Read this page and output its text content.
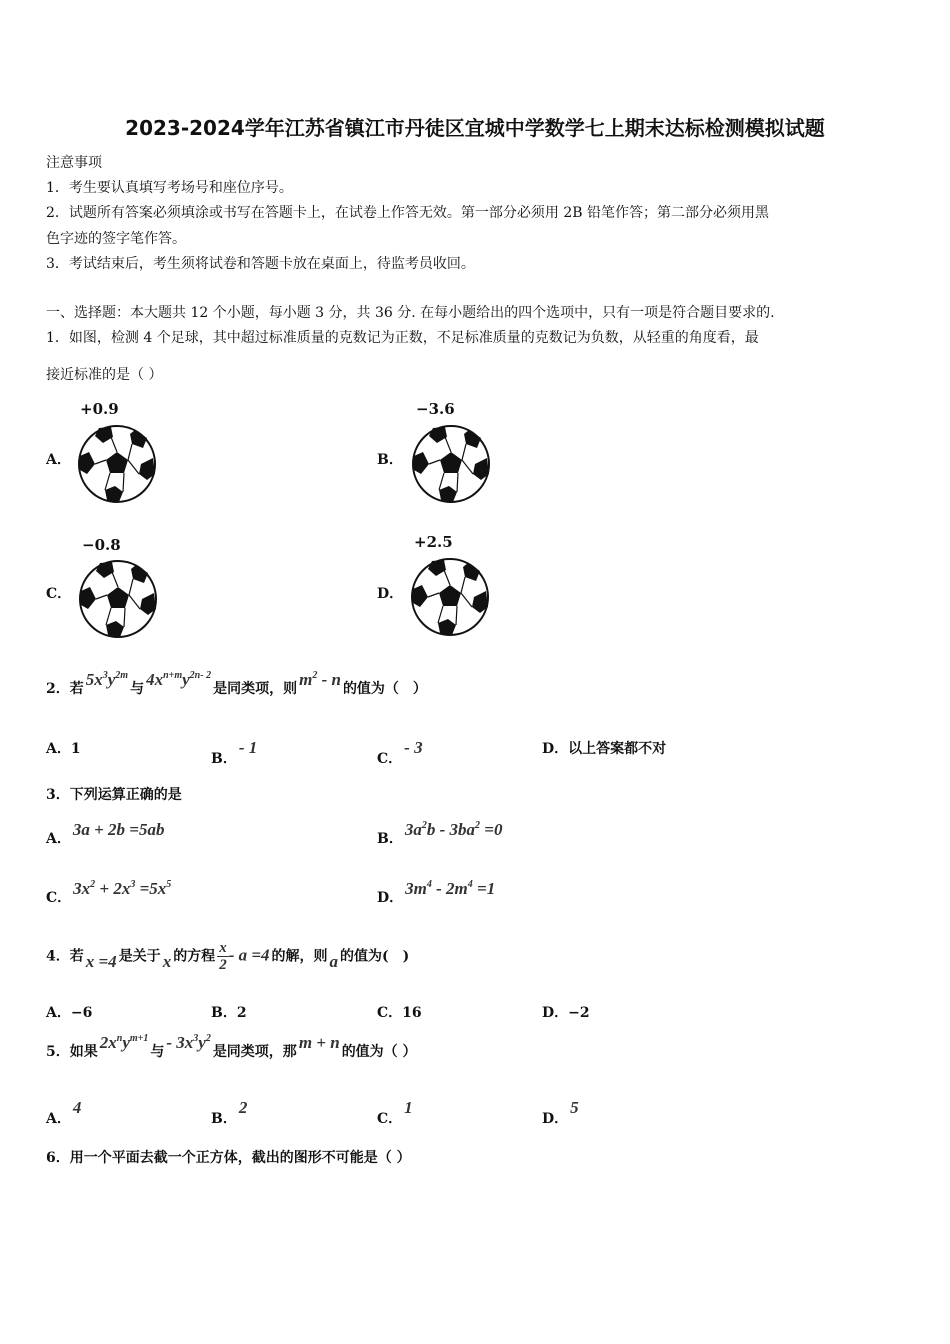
2023-2024学年江苏省镇江市丹徒区宜城中学数学七上期末达标检测模拟试题
注意事项
1．考生要认真填写考场号和座位序号。
2．试题所有答案必须填涂或书写在答题卡上，在试卷上作答无效。第一部分必须用 2B 铅笔作答；第二部分必须用黑
色字迹的签字笔作答。
3．考试结束后，考生须将试卷和答题卡放在桌面上，待监考员收回。
一、选择题：本大题共 12 个小题，每小题 3 分，共 36 分. 在每小题给出的四个选项中，只有一项是符合题目要求的.
1．如图，检测 4 个足球，其中超过标准质量的克数记为正数，不足标准质量的克数记为负数，从轻重的角度看，最
接近标准的是（ ）
A．
+0.9
B．
−3.6
C．
−0.8
D．
+2.5
2．若 $5x^3y^{2m}$与 $4x^{n+m}y^{2n- 2}$是同类项，则 $m^2$ - n 的值为（　）
A．1
B．- 1
C．- 3	D．以上答案都不对
3．下列运算正确的是
A． 3a + 2b =5ab	B． $3a^2b - 3ba^2 =0$
C． $3x^2 + 2x^3 =5x^5$
D． $3m^4 - 2m^4 =1$
4．若 x =4 是关于 x 的方程 $\frac{x}{2} - a =4$ 的解，则 a 的值为(　)
A．−6	B．2	C．16	D．−2
5．如果 $2x^ny^{m+1}$与 - $3x^3y^2$是同类项，那 m + n 的值为（ ）
A．4
B．2
C．1
D．5
6．用一个平面去截一个正方体，截出的图形不可能是（ ）
